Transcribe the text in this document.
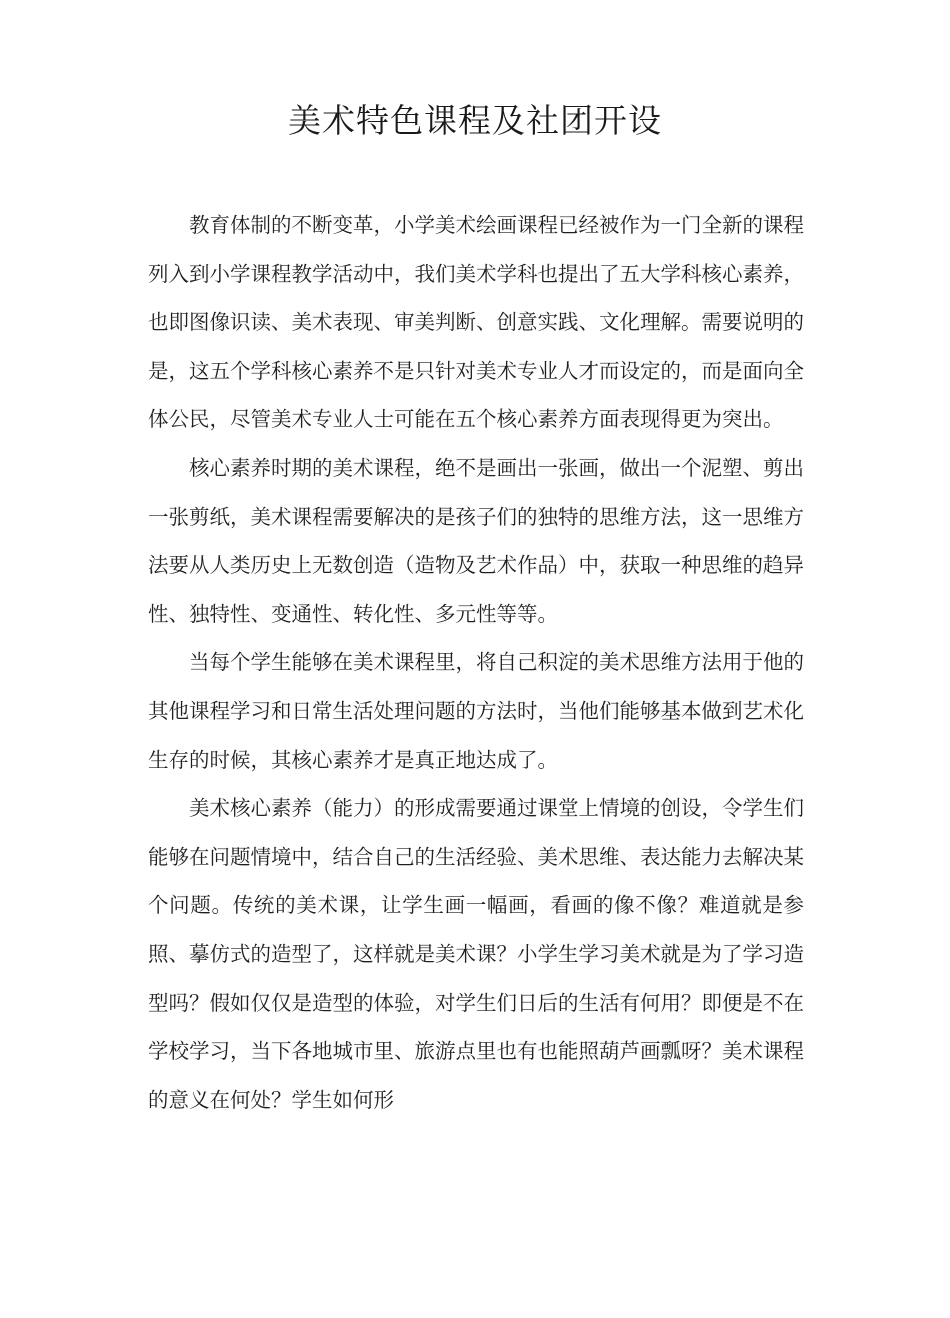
美术特色课程及社团开设

教育体制的不断变革，小学美术绘画课程已经被作为一门全新的课程列入到小学课程教学活动中，我们美术学科也提出了五大学科核心素养，也即图像识读、美术表现、审美判断、创意实践、文化理解。需要说明的是，这五个学科核心素养不是只针对美术专业人才而设定的，而是面向全体公民，尽管美术专业人士可能在五个核心素养方面表现得更为突出。

核心素养时期的美术课程，绝不是画出一张画，做出一个泥塑、剪出一张剪纸，美术课程需要解决的是孩子们的独特的思维方法，这一思维方法要从人类历史上无数创造（造物及艺术作品）中，获取一种思维的趋异性、独特性、变通性、转化性、多元性等等。

当每个学生能够在美术课程里，将自己积淀的美术思维方法用于他的其他课程学习和日常生活处理问题的方法时，当他们能够基本做到艺术化生存的时候，其核心素养才是真正地达成了。

美术核心素养（能力）的形成需要通过课堂上情境的创设，令学生们能够在问题情境中，结合自己的生活经验、美术思维、表达能力去解决某个问题。传统的美术课，让学生画一幅画，看画的像不像？难道就是参照、摹仿式的造型了，这样就是美术课？小学生学习美术就是为了学习造型吗？假如仅仅是造型的体验，对学生们日后的生活有何用？即便是不在学校学习，当下各地城市里、旅游点里也有也能照葫芦画瓢呀？美术课程的意义在何处？学生如何形
